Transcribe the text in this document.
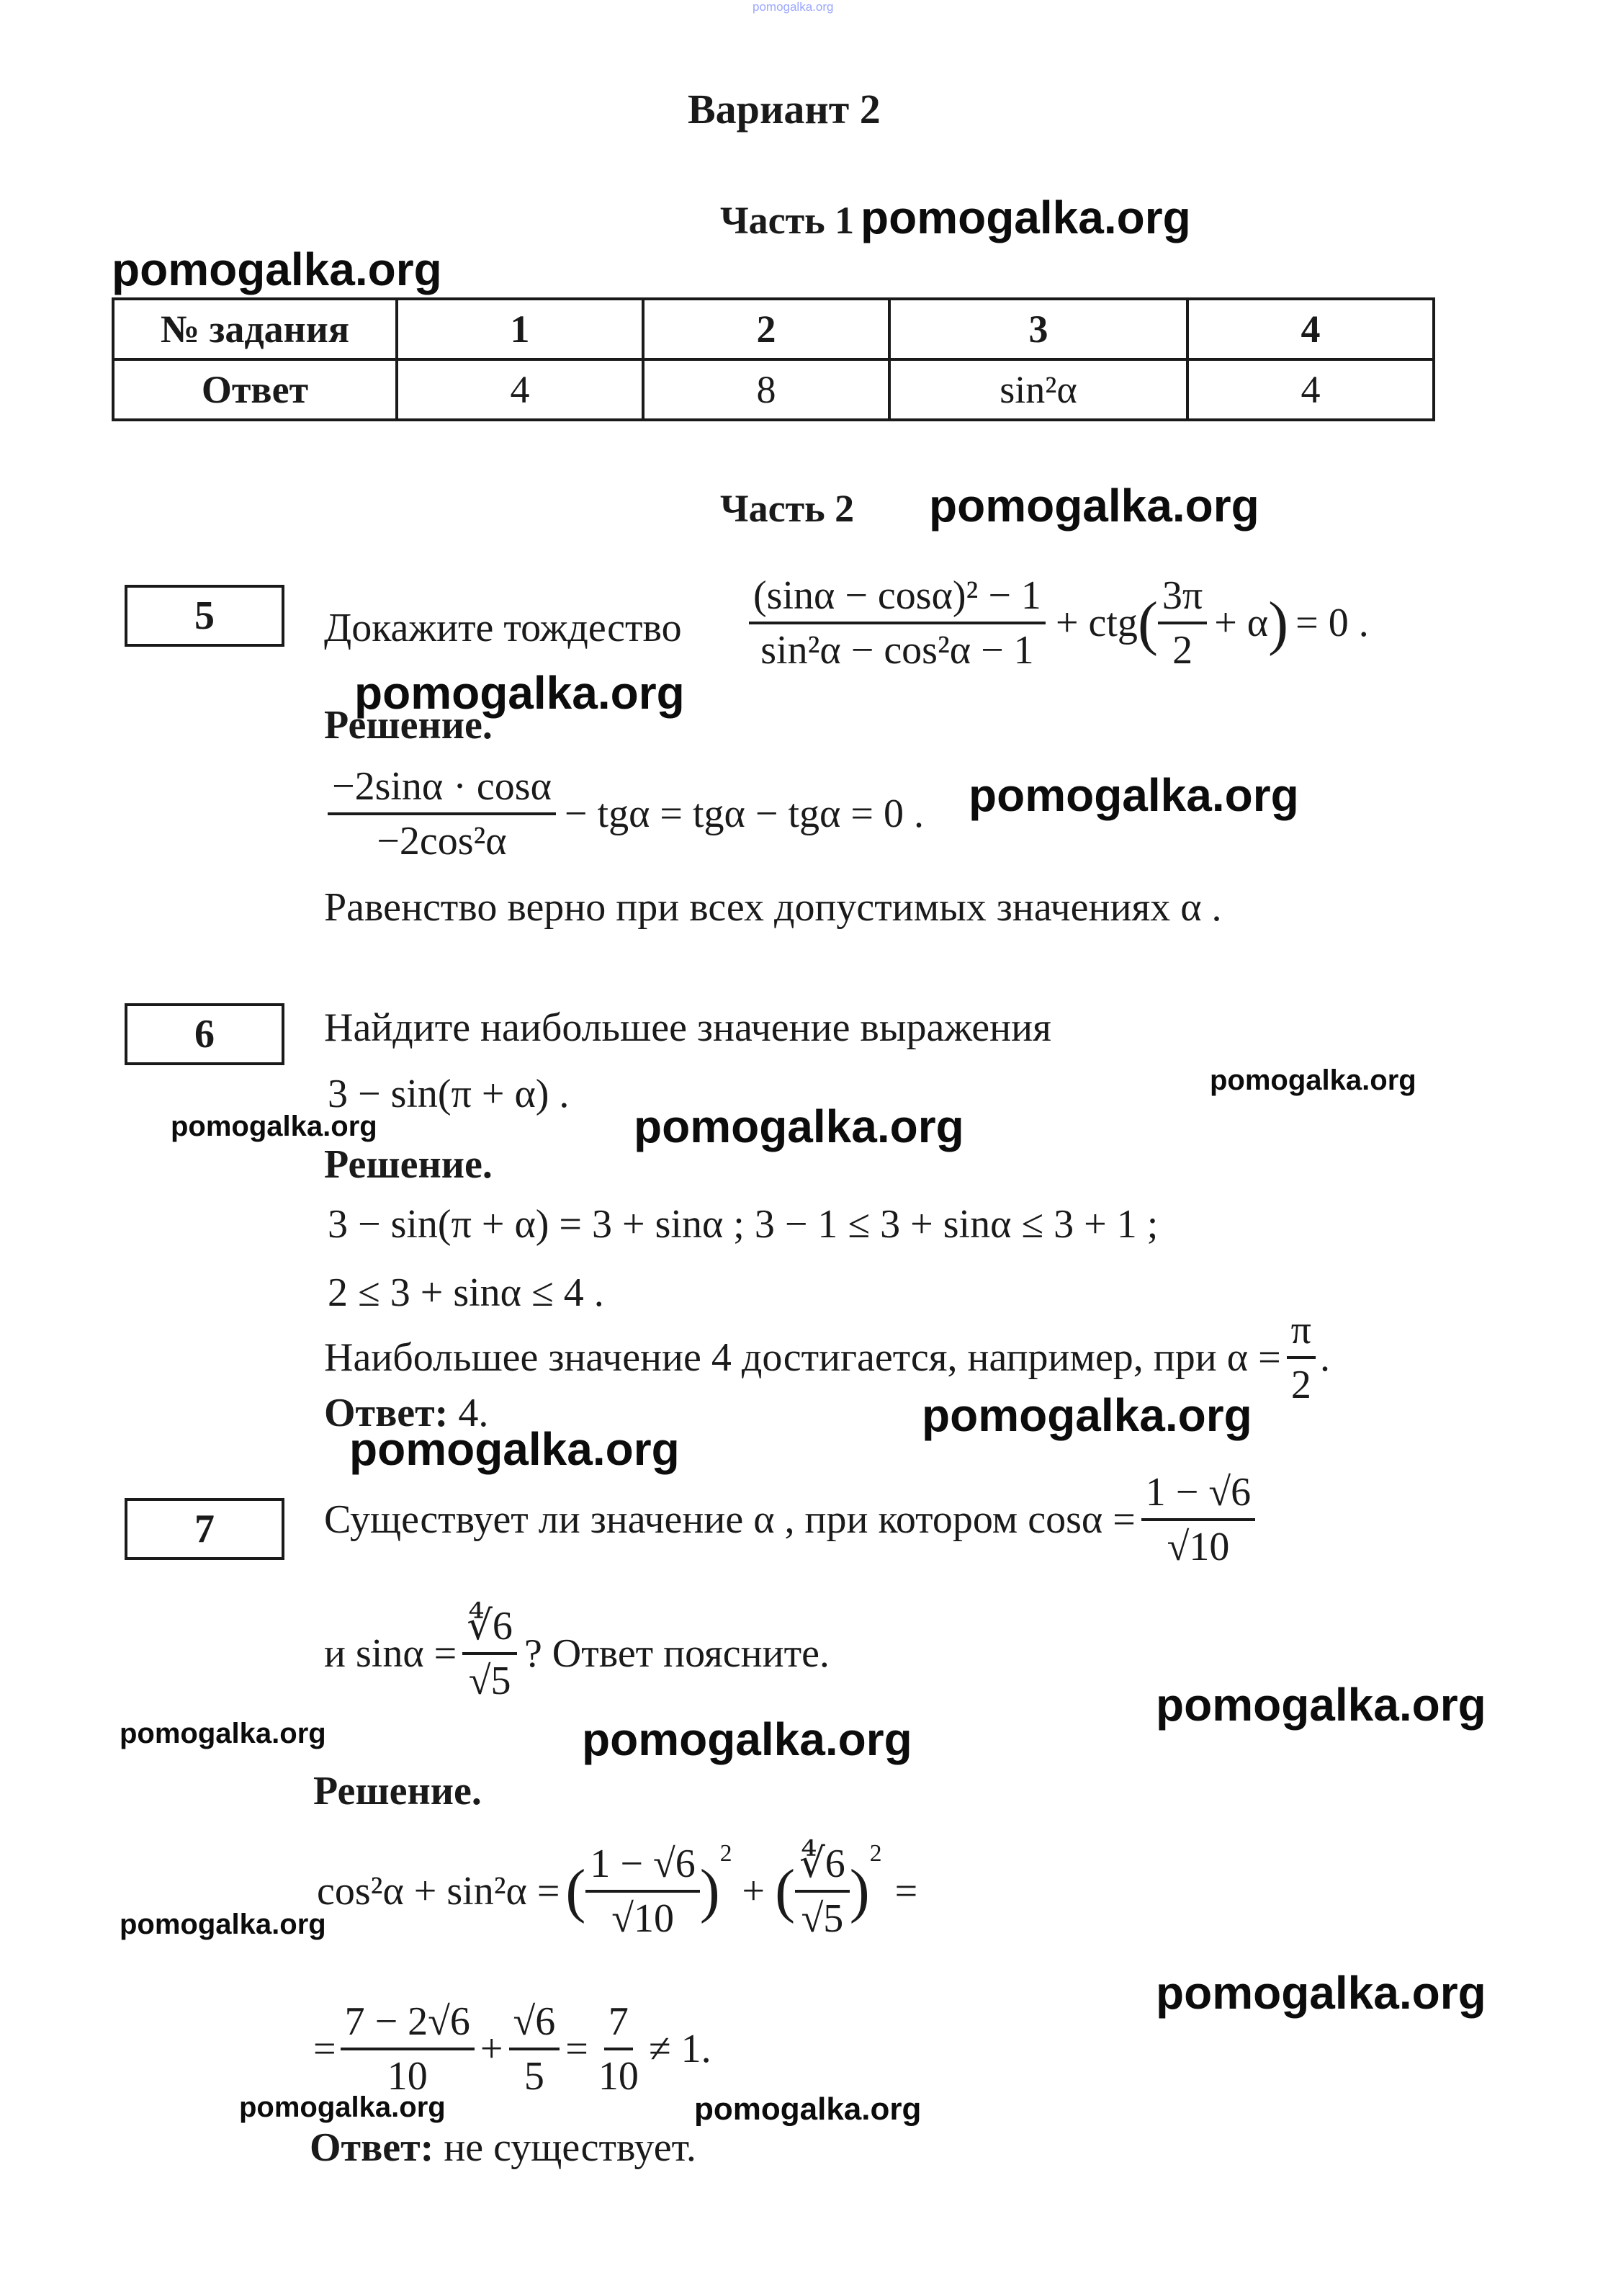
pomogalka.org
Вариант 2
Часть 1
№ задания	1	2	3	4
Ответ	4	8	sin²α	4
Часть 2
5	Докажите тождество $\frac{\text{(sinα − cosα)² − 1}}{\text{sin²α − cos²α − 1}}$ + ctg ( $\frac{3\pi}{2} + \alpha$ ) = 0 .
Решение.
$\frac{-2\sin\alpha \cdot \cos\alpha}{\text{−2cos²α}} - tg\alpha = tg\alpha - tg\alpha = 0$ .
Равенство верно при всех допустимых значениях α .
6	Найдите наибольшее значение выражения
3 − sin(π + α) .
Решение.
3 − sin(π + α) = 3 + sinα ; 3 − 1 ≤ 3 + sinα ≤ 3 + 1 ;
2 ≤ 3 + sinα ≤ 4 .
Наибольшее значение 4 достигается, например, при $\alpha = \frac{\pi}{2}$ .
Ответ: 4.
7	Существует ли значение α , при котором $\cos\alpha = \frac{1 - √6}{√10}$
и $\sin\alpha = \frac{∜6}{√5}$ ? Ответ поясните.
Решение.
cos²α + sin²α = ( $\frac{1 - √6}{√10}$ )
$^2$
+ ( $\frac{∜6}{√5}$ )
$^2$
=
= $\frac{7 - 2√6}{10} + \frac{√6}{5} = \frac{7}{10} \ne 1$.
Ответ: не существует.
pomogalka.org
pomogalka.org
pomogalka.org
pomogalka.org
pomogalka.org
pomogalka.org
pomogalka.org	pomogalka.org
pomogalka.org
pomogalka.org
pomogalka.org
pomogalka.org	pomogalka.org
pomogalka.org
pomogalka.org
pomogalka.org	pomogalka.org
